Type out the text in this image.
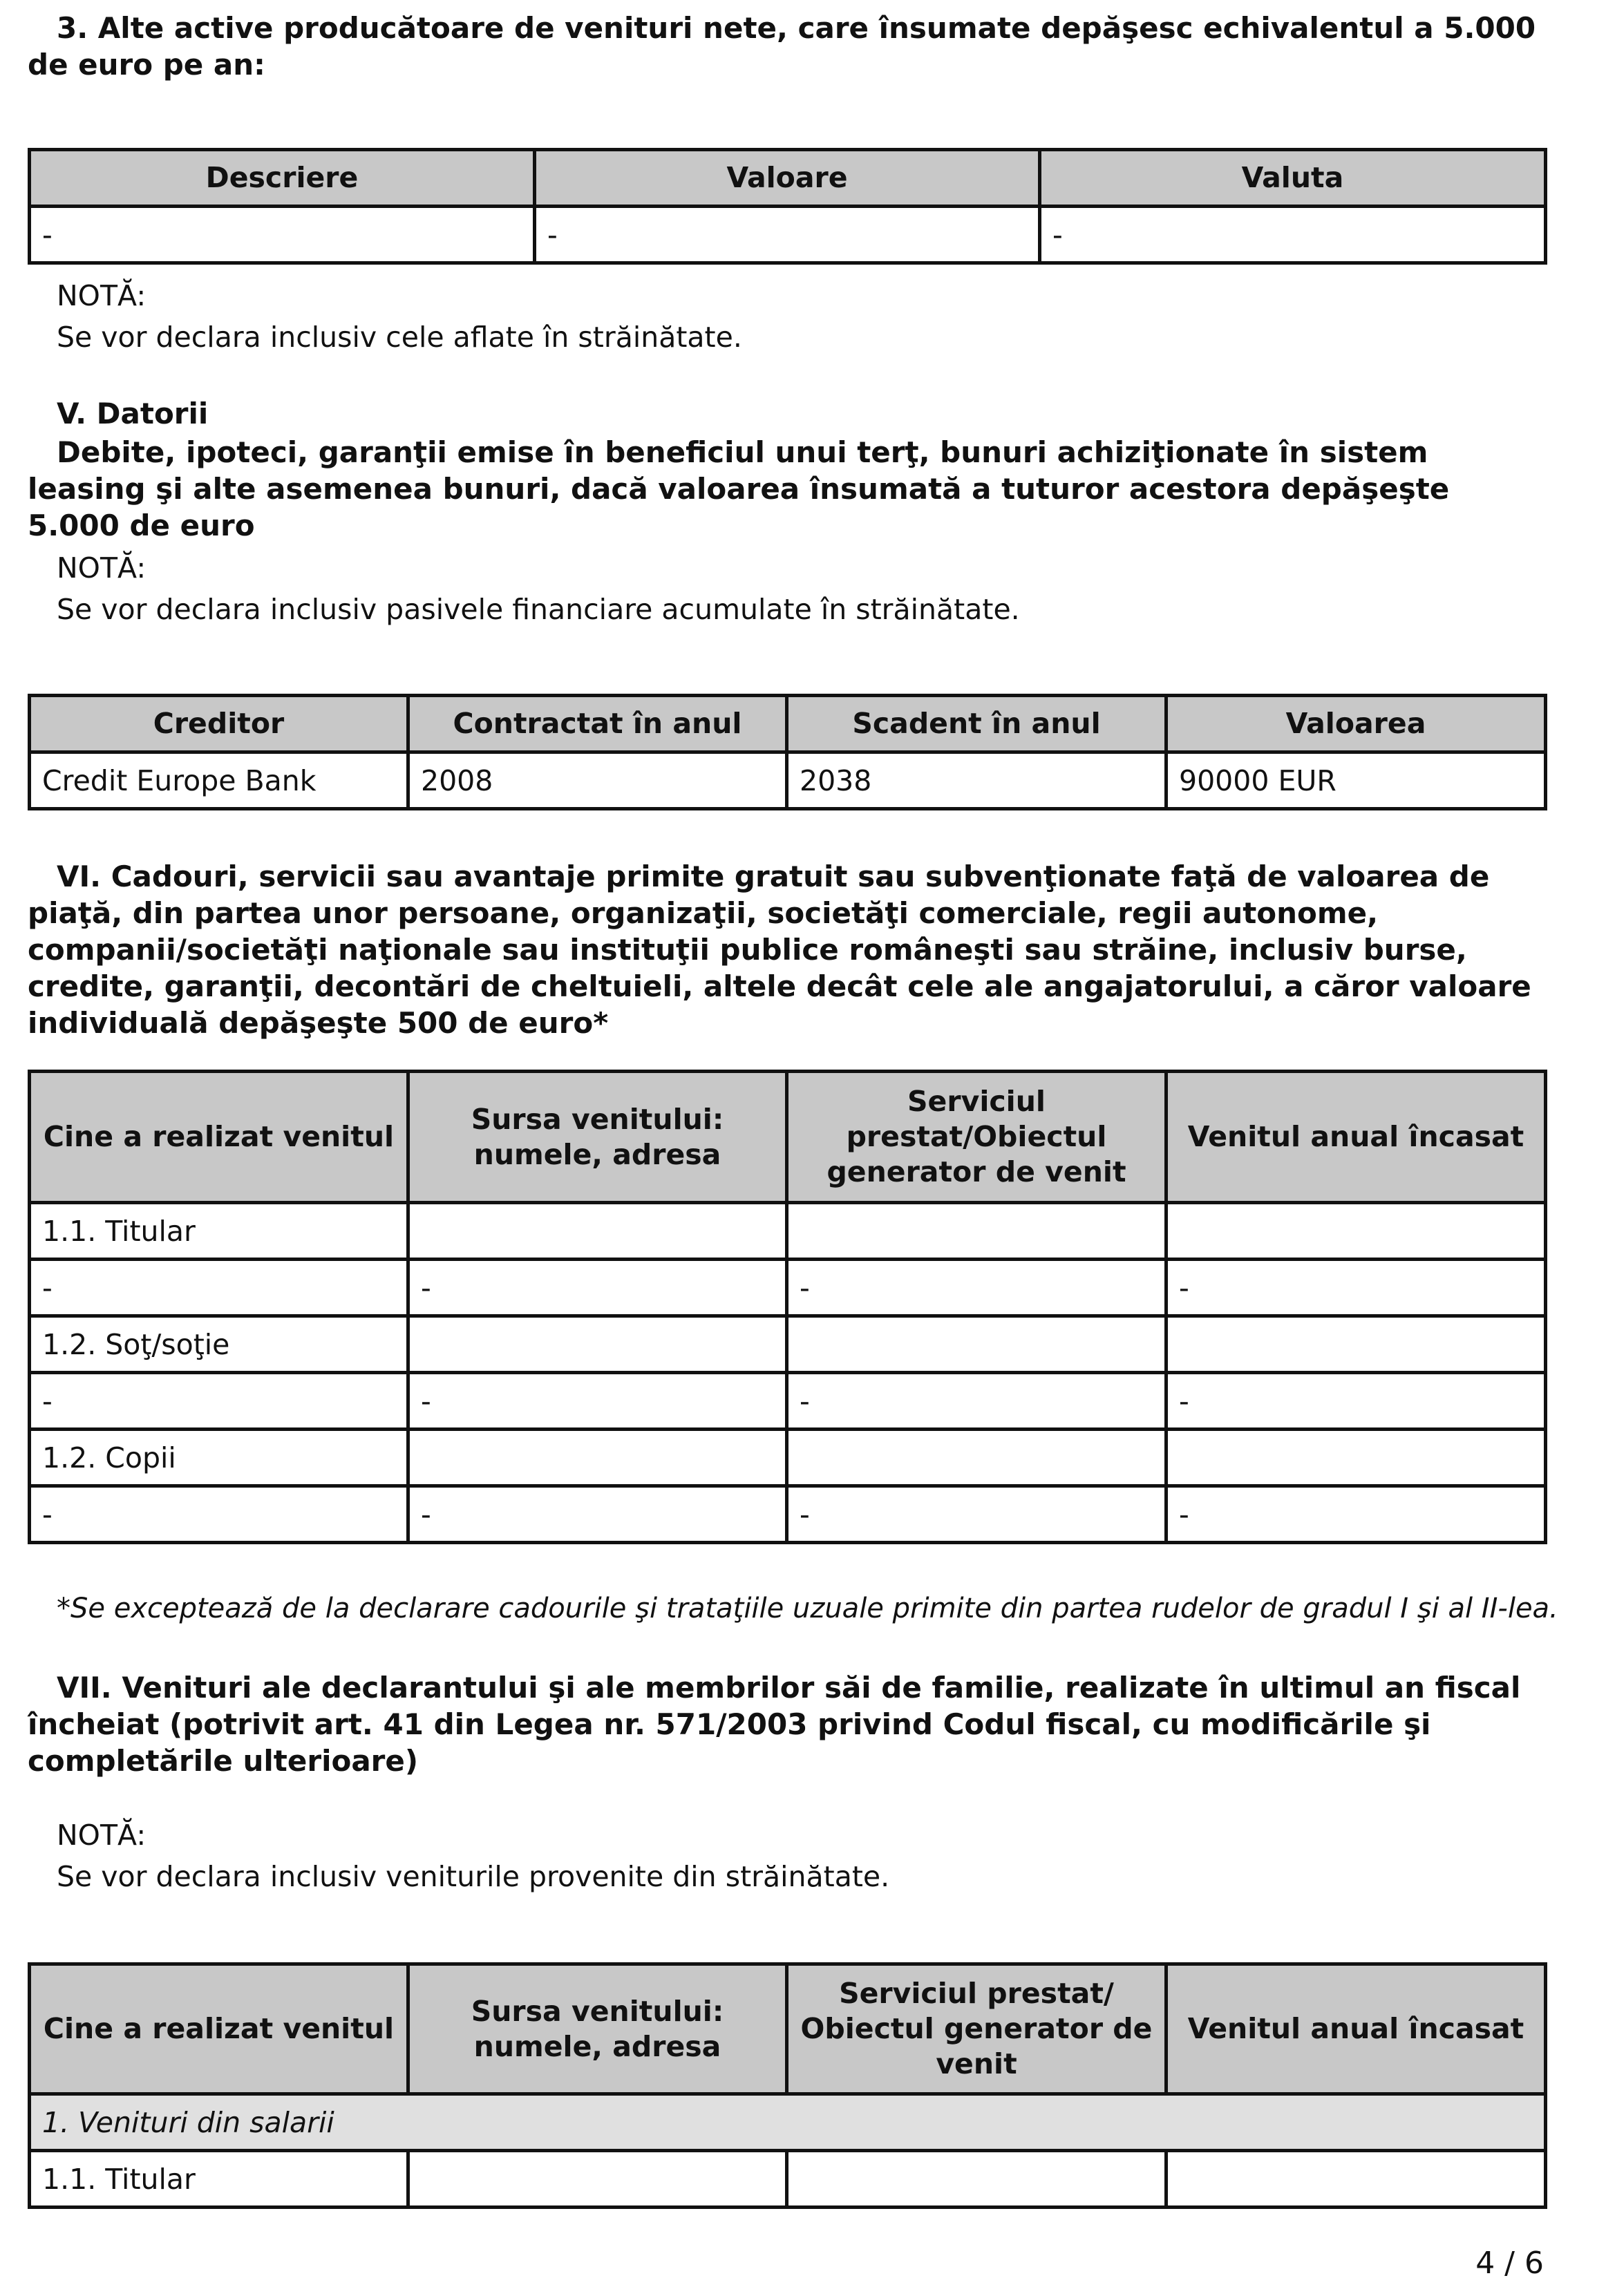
3. Alte active producătoare de venituri nete, care însumate depăşesc echivalentul a 5.000 de euro pe an:
Descriere	Valoare	Valuta
-	-	-
NOTĂ:
Se vor declara inclusiv cele aflate în străinătate.
V. Datorii
Debite, ipoteci, garanţii emise în beneficiul unui terţ, bunuri achiziţionate în sistem leasing şi alte asemenea bunuri, dacă valoarea însumată a tuturor acestora depăşeşte 5.000 de euro
NOTĂ:
Se vor declara inclusiv pasivele financiare acumulate în străinătate.
Creditor	Contractat în anul	Scadent în anul	Valoarea
Credit Europe Bank	2008	2038	90000 EUR
VI. Cadouri, servicii sau avantaje primite gratuit sau subvenţionate faţă de valoarea de piaţă, din partea unor persoane, organizaţii, societăţi comerciale, regii autonome, companii/societăţi naţionale sau instituţii publice româneşti sau străine, inclusiv burse, credite, garanţii, decontări de cheltuieli, altele decât cele ale angajatorului, a căror valoare individuală depăşeşte 500 de euro*
Cine a realizat venitul	Sursa venitului: numele, adresa	Serviciul prestat/Obiectul generator de venit	Venitul anual încasat
1.1. Titular			
-	-	-	-
1.2. Soţ/soţie			
-	-	-	-
1.2. Copii			
-	-	-	-
*Se exceptează de la declarare cadourile şi trataţiile uzuale primite din partea rudelor de gradul I şi al II-lea.
VII. Venituri ale declarantului şi ale membrilor săi de familie, realizate în ultimul an fiscal încheiat (potrivit art. 41 din Legea nr. 571/2003 privind Codul fiscal, cu modificările şi completările ulterioare)
NOTĂ:
Se vor declara inclusiv veniturile provenite din străinătate.
Cine a realizat venitul	Sursa venitului: numele, adresa	Serviciul prestat/ Obiectul generator de venit	Venitul anual încasat
1. Venituri din salarii			
1.1. Titular			
4 / 6
